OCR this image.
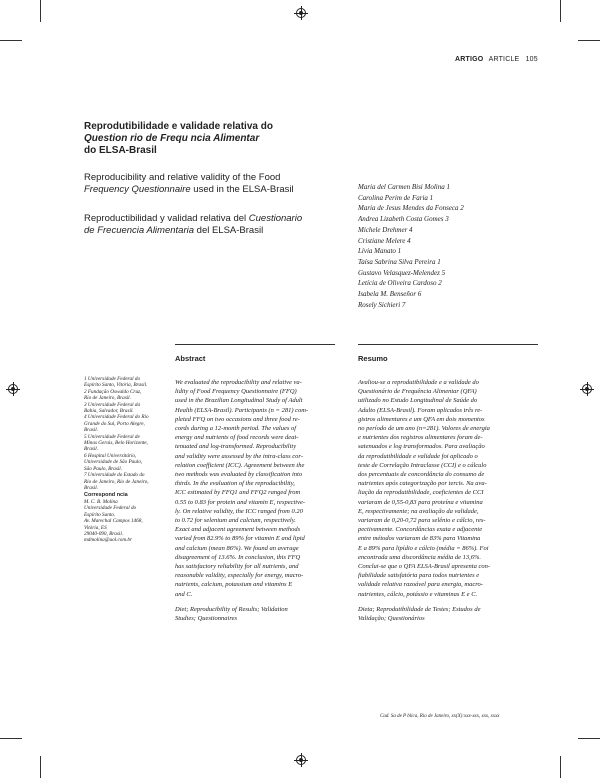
ARTIGO ARTICLE 105
Reprodutibilidade e validade relativa do
Question rio de Frequ ncia Alimentar
do ELSA-Brasil
Reproducibility and relative validity of the Food
Frequency Questionnaire used in the ELSA-Brasil
Reproductibilidad y validad relativa del Cuestionario
de Frecuencia Alimentaria del ELSA-Brasil
Maria del Carmen Bisi Molina 1
Carolina Perim de Faria 1
Maria de Jesus Mendes da Fonseca 2
Andrea Lizabeth Costa Gomes 3
Michele Drehmer 4
Cristiane Melere 4
Lívia Manato 1
Taísa Sabrina Silva Pereira 1
Gustavo Velasquez-Melendez 5
Letícia de Oliveira Cardoso 2
Isabela M. Benseñor 6
Rosely Sichieri 7
Abstract	Resumo
1 Universidade Federal do
Espírito Santo, Vitória, Brasil.
2 Fundação Oswaldo Cruz,
Rio de Janeiro, Brasil.
3 Universidade Federal da
Bahia, Salvador, Brasil.
4 Universidade Federal do Rio
Grande do Sul, Porto Alegre,
Brasil.
5 Universidade Federal de
Minas Gerais, Belo Horizonte,
Brasil.
6 Hospital Universitário,
Universidade de São Paulo,
São Paulo, Brasil.
7 Universidade do Estado do
Rio de Janeiro, Rio de Janeiro,
Brasil.
Correspond ncia
M. C. B. Molina
Universidade Federal do
Espírito Santo.
Av. Marechal Campos 1468,
Vitória, ES
29040-090, Brasil.
mdmolina@uol.com.br
We evaluated the reproducibility and relative va-
lidity of Food Frequency Questionnaire (FFQ)
used in the Brazilian Longitudinal Study of Adult
Health (ELSA-Brasil). Participants (n = 281) com-
pleted FFQ on two occasions and three food re-
cords during a 12-month period. The values of
energy and nutrients of food records were deat-
tenuated and log-transformed. Reproducibility
and validity were assessed by the intra-class cor-
relation coefficient (ICC). Agreement between the
two methods was evaluated by classification into
thirds. In the evaluation of the reproducibility,
ICC estimated by FFQ1 and FFQ2 ranged from
0.55 to 0.83 for protein and vitamin E, respective-
ly. On relative validity, the ICC ranged from 0.20
to 0.72 for selenium and calcium, respectively.
Exact and adjacent agreement between methods
varied from 82.9% to 89% for vitamin E and lipid
and calcium (mean 86%). We found an average
disagreement of 13.6%. In conclusion, this FFQ
has satisfactory reliability for all nutrients, and
reasonable validity, especially for energy, macro-
nutrients, calcium, potassium and vitamins E
and C.
Diet; Reproducibility of Results; Validation
Studies; Questionnaires
Avaliou-se a reprodutibilidade e a validade do
Questionário de Frequência Alimentar (QFA)
utilizado no Estudo Longitudinal de Saúde do
Adulto (ELSA-Brasil). Foram aplicados três re-
gistros alimentares e um QFA em dois momentos
no período de um ano (n=281). Valores de energia
e nutrientes dos registros alimentares foram de-
satenuados e log transformados. Para avaliação
da reprodutibilidade e validade foi aplicado o
teste de Correlação Intraclasse (CCI) e o cálculo
dos percentuais de concordância do consumo de
nutrientes após categorização por tercis. Na ava-
liação da reprodutibilidade, coeficientes de CCI
variaram de 0,55-0,83 para proteína e vitamina
E, respectivamente; na avaliação da validade,
variaram de 0,20-0,72 para selênio e cálcio, res-
pectivamente. Concordâncias exata e adjacente
entre métodos variaram de 83% para Vitamina
E a 89% para lipídio e cálcio (média = 86%). Foi
encontrada uma discordância média de 13,6%.
Conclui-se que o QFA ELSA-Brasil apresenta con-
fiabilidade satisfatória para todos nutrientes e
validade relativa razoável para energia, macro-
nutrientes, cálcio, potássio e vitaminas E e C.
Dieta; Reprodutibilidade de Testes; Estudos de
Validação; Questionários
Cad. Sa de P blica, Rio de Janeiro, xx(X):xxx-xxx, xxx, xxxx
